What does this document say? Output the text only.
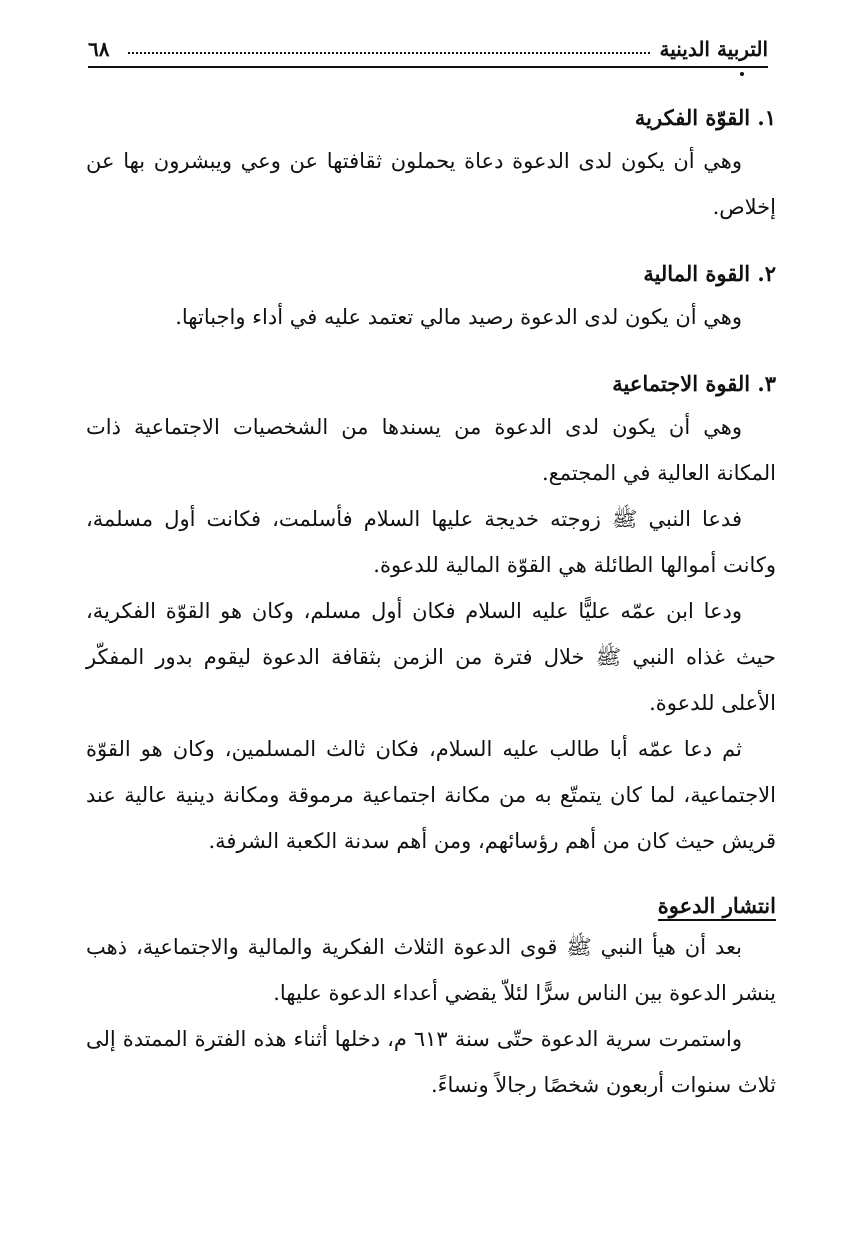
التربية الدينية
٦٨
١. القوّة الفكرية

وهي أن يكون لدى الدعوة دعاة يحملون ثقافتها عن وعي ويبشرون بها عن إخلاص.

٢. القوة المالية

وهي أن يكون لدى الدعوة رصيد مالي تعتمد عليه في أداء واجباتها.

٣. القوة الاجتماعية

وهي أن يكون لدى الدعوة من يسندها من الشخصيات الاجتماعية ذات المكانة العالية في المجتمع.

فدعا النبي ﷺ زوجته خديجة عليها السلام فأسلمت، فكانت أول مسلمة، وكانت أموالها الطائلة هي القوّة المالية للدعوة.

ودعا ابن عمّه عليًّا عليه السلام فكان أول مسلم، وكان هو القوّة الفكرية، حيث غذاه النبي ﷺ خلال فترة من الزمن بثقافة الدعوة ليقوم بدور المفكّر الأعلى للدعوة.

ثم دعا عمّه أبا طالب عليه السلام، فكان ثالث المسلمين، وكان هو القوّة الاجتماعية، لما كان يتمتّع به من مكانة اجتماعية مرموقة ومكانة دينية عالية عند قريش حيث كان من أهم رؤسائهم، ومن أهم سدنة الكعبة الشرفة.

انتشار الدعوة

بعد أن هيأ النبي ﷺ قوى الدعوة الثلاث الفكرية والمالية والاجتماعية، ذهب ينشر الدعوة بين الناس سرًّا لئلاّ يقضي أعداء الدعوة عليها.

واستمرت سرية الدعوة حتّى سنة ٦١٣ م، دخلها أثناء هذه الفترة الممتدة إلى ثلاث سنوات أربعون شخصًا رجالاً ونساءً.
